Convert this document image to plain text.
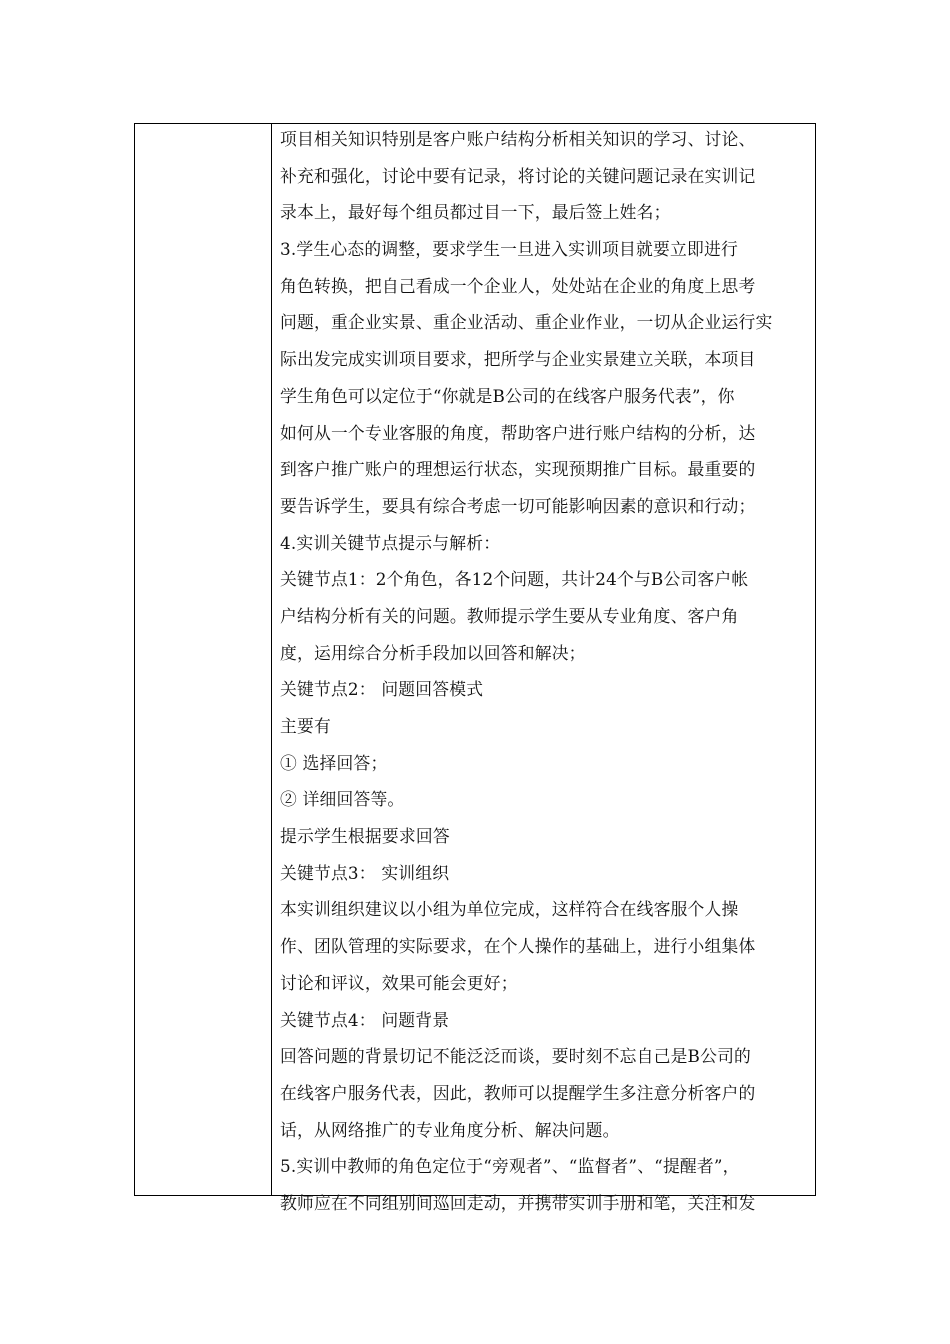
项目相关知识特别是客户账户结构分析相关知识的学习、讨论、
补充和强化，讨论中要有记录，将讨论的关键问题记录在实训记
录本上，最好每个组员都过目一下，最后签上姓名；
3.学生心态的调整，要求学生一旦进入实训项目就要立即进行
角色转换，把自己看成一个企业人，处处站在企业的角度上思考
问题，重企业实景、重企业活动、重企业作业，一切从企业运行实
际出发完成实训项目要求，把所学与企业实景建立关联，本项目
学生角色可以定位于“你就是B公司的在线客户服务代表”，你
如何从一个专业客服的角度，帮助客户进行账户结构的分析，达
到客户推广账户的理想运行状态，实现预期推广目标。最重要的
要告诉学生，要具有综合考虑一切可能影响因素的意识和行动；
4.实训关键节点提示与解析：
关键节点1：2个角色，各12个问题，共计24个与B公司客户帐
户结构分析有关的问题。教师提示学生要从专业角度、客户角
度，运用综合分析手段加以回答和解决；
关键节点2： 问题回答模式
主要有
① 选择回答；
② 详细回答等。
提示学生根据要求回答
关键节点3： 实训组织
本实训组织建议以小组为单位完成，这样符合在线客服个人操
作、团队管理的实际要求，在个人操作的基础上，进行小组集体
讨论和评议，效果可能会更好；
关键节点4： 问题背景
回答问题的背景切记不能泛泛而谈，要时刻不忘自己是B公司的
在线客户服务代表，因此，教师可以提醒学生多注意分析客户的
话，从网络推广的专业角度分析、解决问题。
5.实训中教师的角色定位于“旁观者”、“监督者”、“提醒者”，
教师应在不同组别间巡回走动，并携带实训手册和笔，关注和发
